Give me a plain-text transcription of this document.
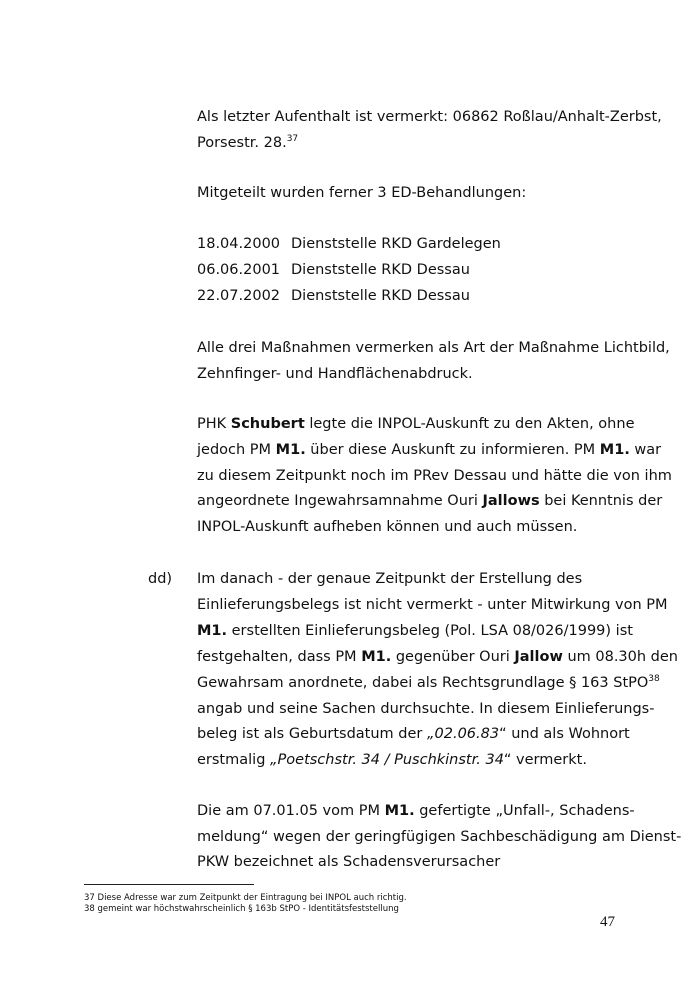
Als letzter Aufenthalt ist vermerkt: 06862 Roßlau/Anhalt-Zerbst,
Porsestr. 28.37
Mitgeteilt wurden ferner 3 ED-Behandlungen:
18.04.2000 Dienststelle RKD Gardelegen
06.06.2001 Dienststelle RKD Dessau
22.07.2002 Dienststelle RKD Dessau
Alle drei Maßnahmen vermerken als Art der Maßnahme Lichtbild,
Zehnfinger- und Handflächenabdruck.
PHK Schubert legte die INPOL-Auskunft zu den Akten, ohne
jedoch PM M1. über diese Auskunft zu informieren. PM M1. war
zu diesem Zeitpunkt noch im PRev Dessau und hätte die von ihm
angeordnete Ingewahrsamnahme Ouri Jallows bei Kenntnis der
INPOL-Auskunft aufheben können und auch müssen.
dd) Im danach - der genaue Zeitpunkt der Erstellung des
Einlieferungsbelegs ist nicht vermerkt - unter Mitwirkung von PM
M1. erstellten Einlieferungsbeleg (Pol. LSA 08/026/1999) ist
festgehalten, dass PM M1. gegenüber Ouri Jallow um 08.30h den
Gewahrsam anordnete, dabei als Rechtsgrundlage § 163 StPO$^{38}$
angab und seine Sachen durchsuchte. In diesem Einlieferungs-
beleg ist als Geburtsdatum der „02.06.83“ und als Wohnort
erstmalig „Poetschstr. 34 / Puschkinstr. 34“ vermerkt.
Die am 07.01.05 vom PM M1. gefertigte „Unfall-, Schadens-
meldung“ wegen der geringfügigen Sachbeschädigung am Dienst-
PKW bezeichnet als Schadensverursacher
37 Diese Adresse war zum Zeitpunkt der Eintragung bei INPOL auch richtig.
38 gemeint war höchstwahrscheinlich § 163b StPO - Identitätsfeststellung
47
